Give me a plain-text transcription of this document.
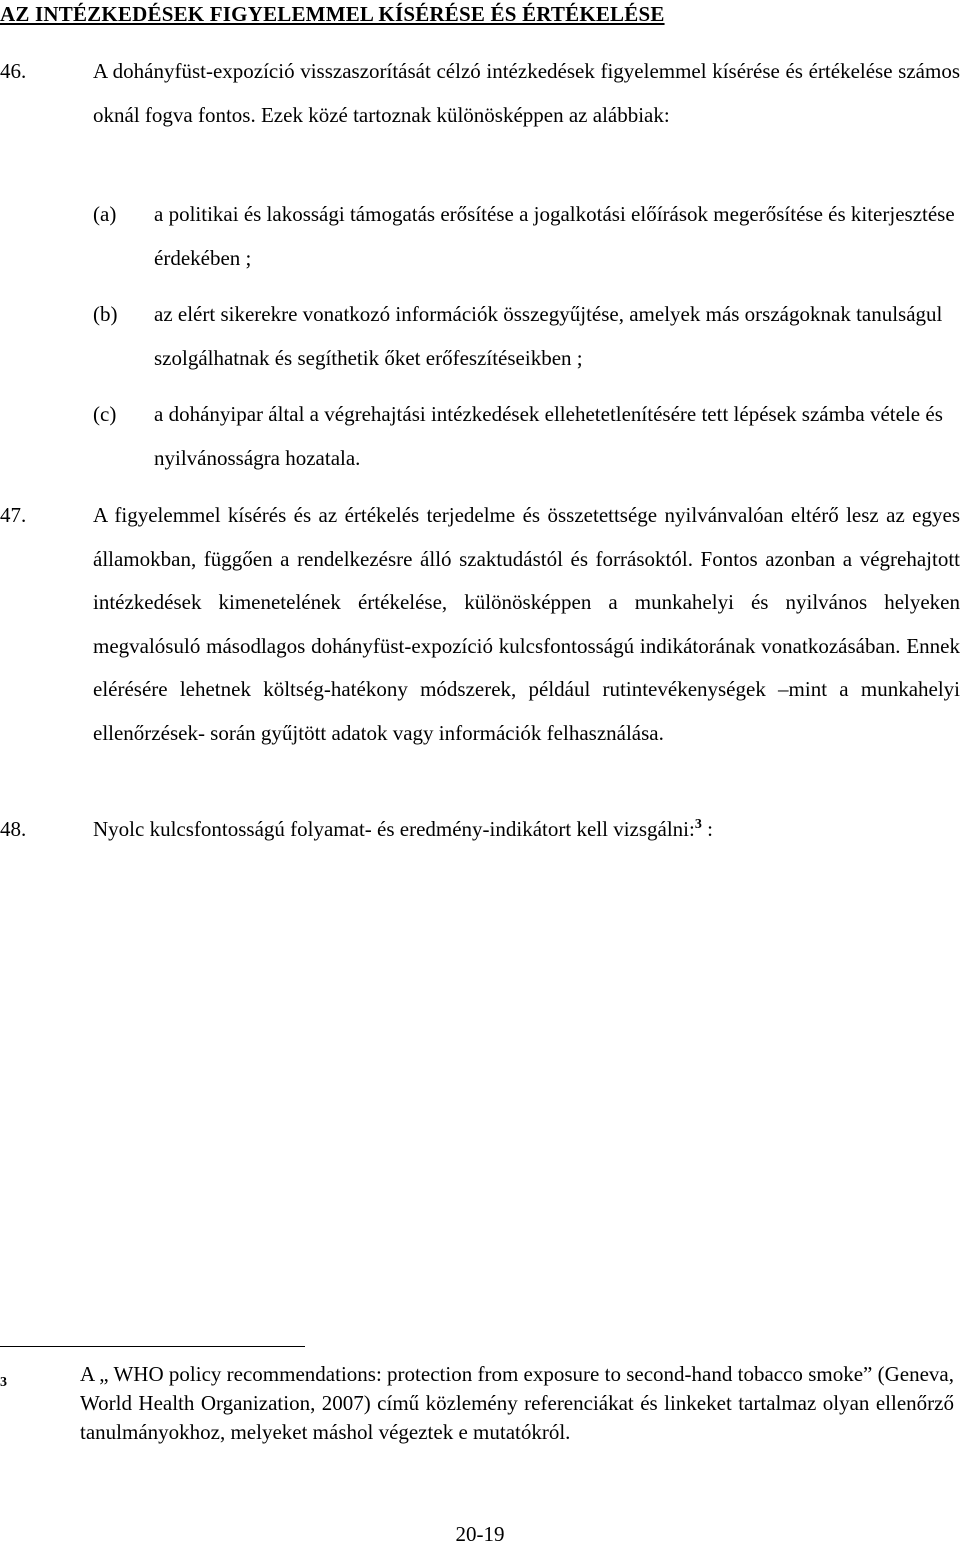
AZ INTÉZKEDÉSEK FIGYELEMMEL KÍSÉRÉSE ÉS ÉRTÉKELÉSE
46.	A dohányfüst-expozíció visszaszorítását célzó intézkedések figyelemmel kísérése és értékelése számos oknál fogva fontos. Ezek közé tartoznak különösképpen az alábbiak:
(a) a politikai és lakossági támogatás erősítése a jogalkotási előírások megerősítése és kiterjesztése érdekében ;
(b) az elért sikerekre vonatkozó információk összegyűjtése, amelyek más országoknak tanulságul szolgálhatnak és segíthetik őket erőfeszítéseikben ;
(c) a dohányipar által a végrehajtási intézkedések ellehetetlenítésére tett lépések számba vétele és nyilvánosságra hozatala.
47.	A figyelemmel kísérés és az értékelés terjedelme és összetettsége nyilvánvalóan eltérő lesz az egyes államokban, függően a rendelkezésre álló szaktudástól és forrásoktól. Fontos azonban a végrehajtott intézkedések kimenetelének értékelése, különösképpen a munkahelyi és nyilvános helyeken megvalósuló másodlagos dohányfüst-expozíció kulcsfontosságú indikátorának vonatkozásában. Ennek elérésére lehetnek költség-hatékony módszerek, például rutintevékenységek –mint a munkahelyi ellenőrzések- során gyűjtött adatok vagy információk felhasználása.
48.	Nyolc kulcsfontosságú folyamat- és eredmény-indikátort kell vizsgálni:$^3$ :
3	A „ WHO policy recommendations: protection from exposure to second-hand tobacco smoke” (Geneva, World Health Organization, 2007) című közlemény referenciákat és linkeket tartalmaz olyan ellenőrző tanulmányokhoz, melyeket máshol végeztek e mutatókról.
20-19
